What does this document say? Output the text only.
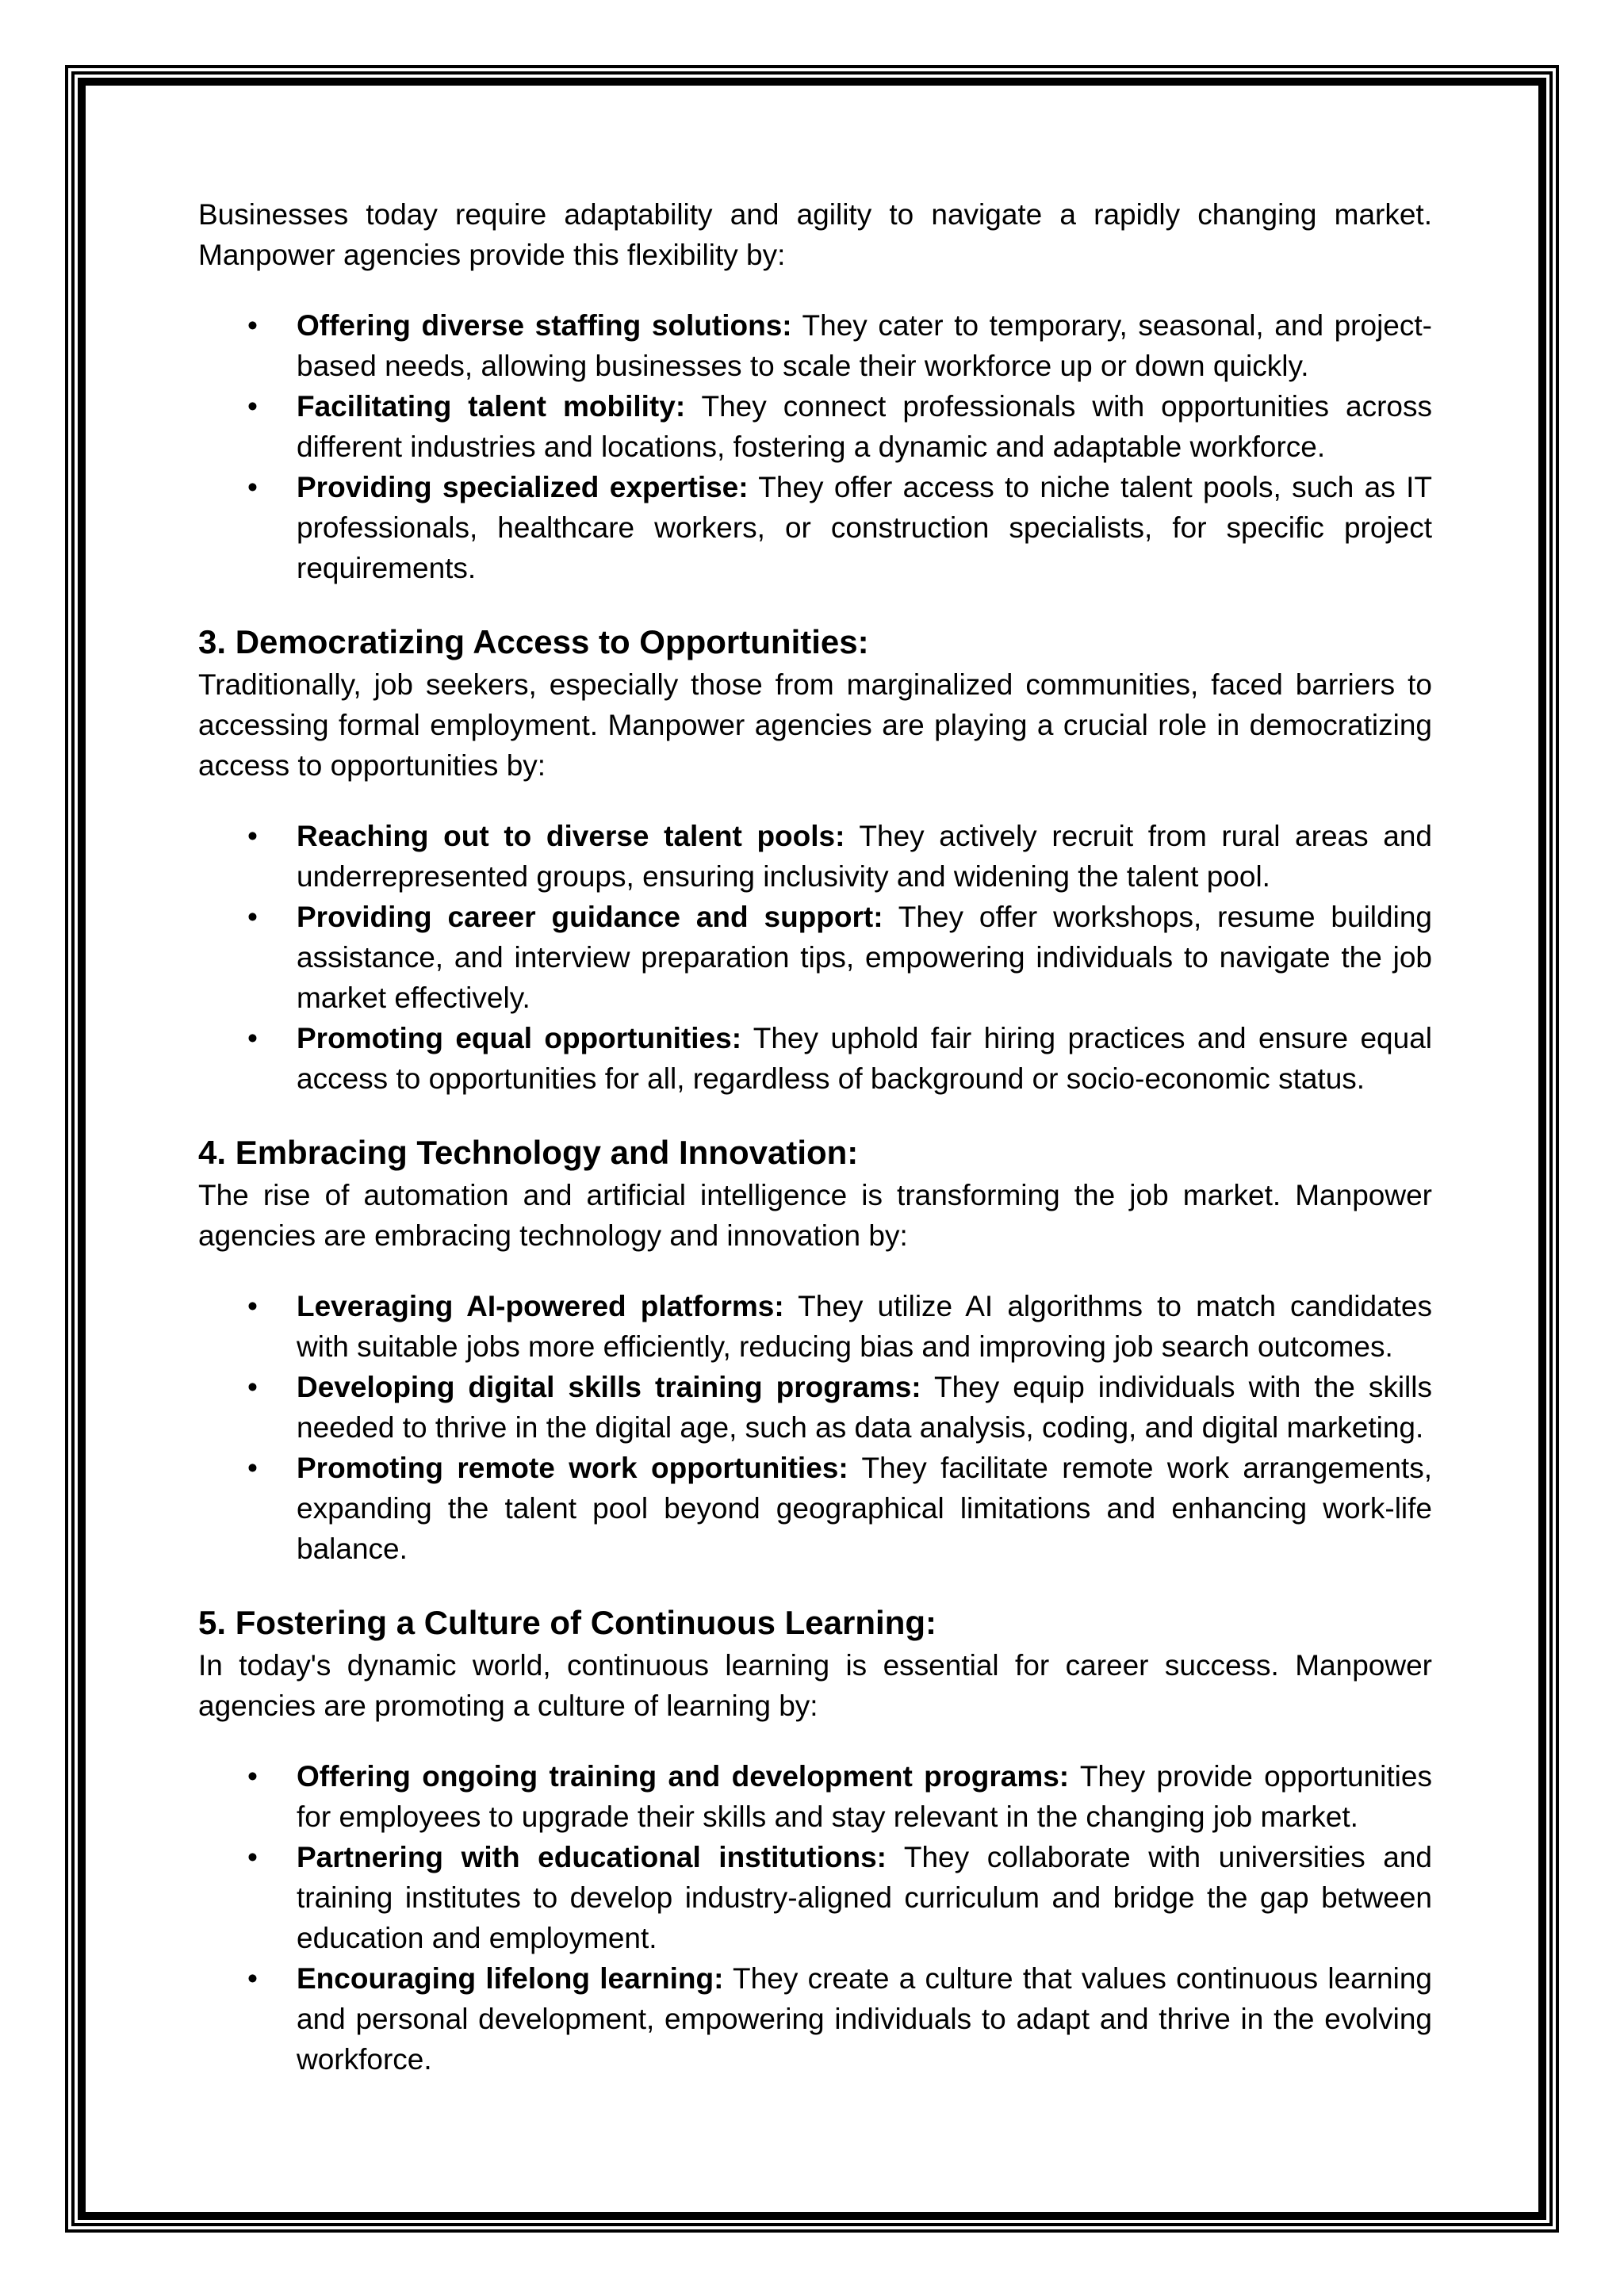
Businesses today require adaptability and agility to navigate a rapidly changing market. Manpower agencies provide this flexibility by:

• Offering diverse staffing solutions: They cater to temporary, seasonal, and project-based needs, allowing businesses to scale their workforce up or down quickly.
• Facilitating talent mobility: They connect professionals with opportunities across different industries and locations, fostering a dynamic and adaptable workforce.
• Providing specialized expertise: They offer access to niche talent pools, such as IT professionals, healthcare workers, or construction specialists, for specific project requirements.
3. Democratizing Access to Opportunities:

Traditionally, job seekers, especially those from marginalized communities, faced barriers to accessing formal employment. Manpower agencies are playing a crucial role in democratizing access to opportunities by:

• Reaching out to diverse talent pools: They actively recruit from rural areas and underrepresented groups, ensuring inclusivity and widening the talent pool.
• Providing career guidance and support: They offer workshops, resume building assistance, and interview preparation tips, empowering individuals to navigate the job market effectively.
• Promoting equal opportunities: They uphold fair hiring practices and ensure equal access to opportunities for all, regardless of background or socio-economic status.
4. Embracing Technology and Innovation:

The rise of automation and artificial intelligence is transforming the job market. Manpower agencies are embracing technology and innovation by:

• Leveraging AI-powered platforms: They utilize AI algorithms to match candidates with suitable jobs more efficiently, reducing bias and improving job search outcomes.
• Developing digital skills training programs: They equip individuals with the skills needed to thrive in the digital age, such as data analysis, coding, and digital marketing.
• Promoting remote work opportunities: They facilitate remote work arrangements, expanding the talent pool beyond geographical limitations and enhancing work-life balance.
5. Fostering a Culture of Continuous Learning:

In today's dynamic world, continuous learning is essential for career success. Manpower agencies are promoting a culture of learning by:

• Offering ongoing training and development programs: They provide opportunities for employees to upgrade their skills and stay relevant in the changing job market.
• Partnering with educational institutions: They collaborate with universities and training institutes to develop industry-aligned curriculum and bridge the gap between education and employment.
• Encouraging lifelong learning: They create a culture that values continuous learning and personal development, empowering individuals to adapt and thrive in the evolving workforce.
